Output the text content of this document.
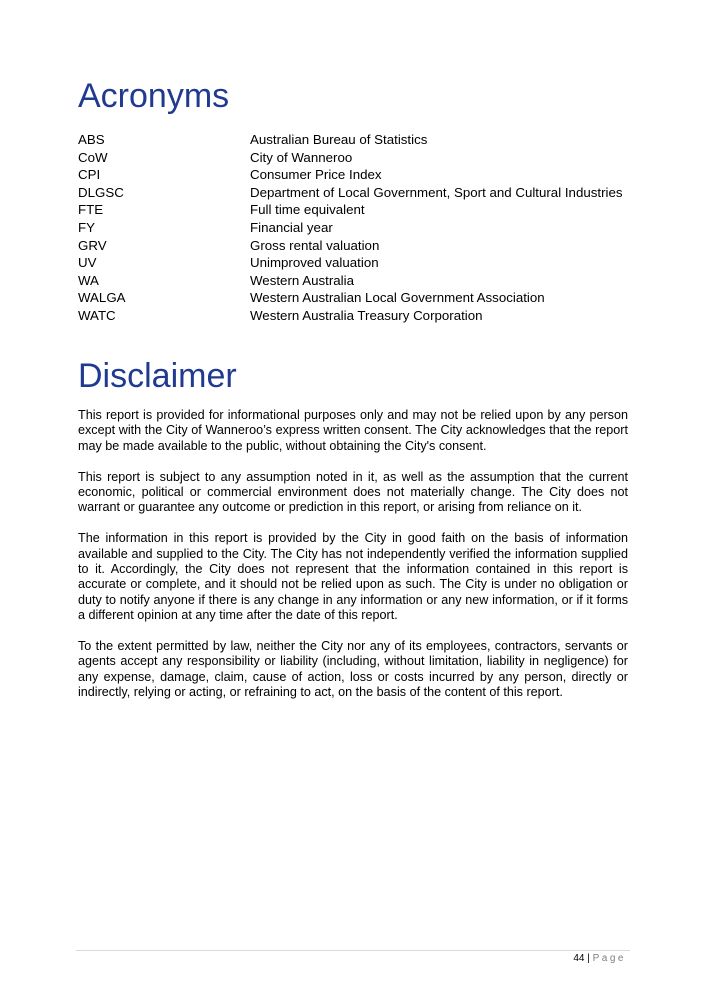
Acronyms
ABS	Australian Bureau of Statistics
CoW	City of Wanneroo
CPI	Consumer Price Index
DLGSC	Department of Local Government, Sport and Cultural Industries
FTE	Full time equivalent
FY	Financial year
GRV	Gross rental valuation
UV	Unimproved valuation
WA	Western Australia
WALGA	Western Australian Local Government Association
WATC	Western Australia Treasury Corporation
Disclaimer

This report is provided for informational purposes only and may not be relied upon by any person except with the City of Wanneroo’s express written consent. The City acknowledges that the report may be made available to the public, without obtaining the City's consent.

This report is subject to any assumption noted in it, as well as the assumption that the current economic, political or commercial environment does not materially change. The City does not warrant or guarantee any outcome or prediction in this report, or arising from reliance on it.

The information in this report is provided by the City in good faith on the basis of information available and supplied to the City. The City has not independently verified the information supplied to it. Accordingly, the City does not represent that the information contained in this report is accurate or complete, and it should not be relied upon as such. The City is under no obligation or duty to notify anyone if there is any change in any information or any new information, or if it forms a different opinion at any time after the date of this report.

To the extent permitted by law, neither the City nor any of its employees, contractors, servants or agents accept any responsibility or liability (including, without limitation, liability in negligence) for any expense, damage, claim, cause of action, loss or costs incurred by any person, directly or indirectly, relying or acting, or refraining to act, on the basis of the content of this report.

44 | Page
